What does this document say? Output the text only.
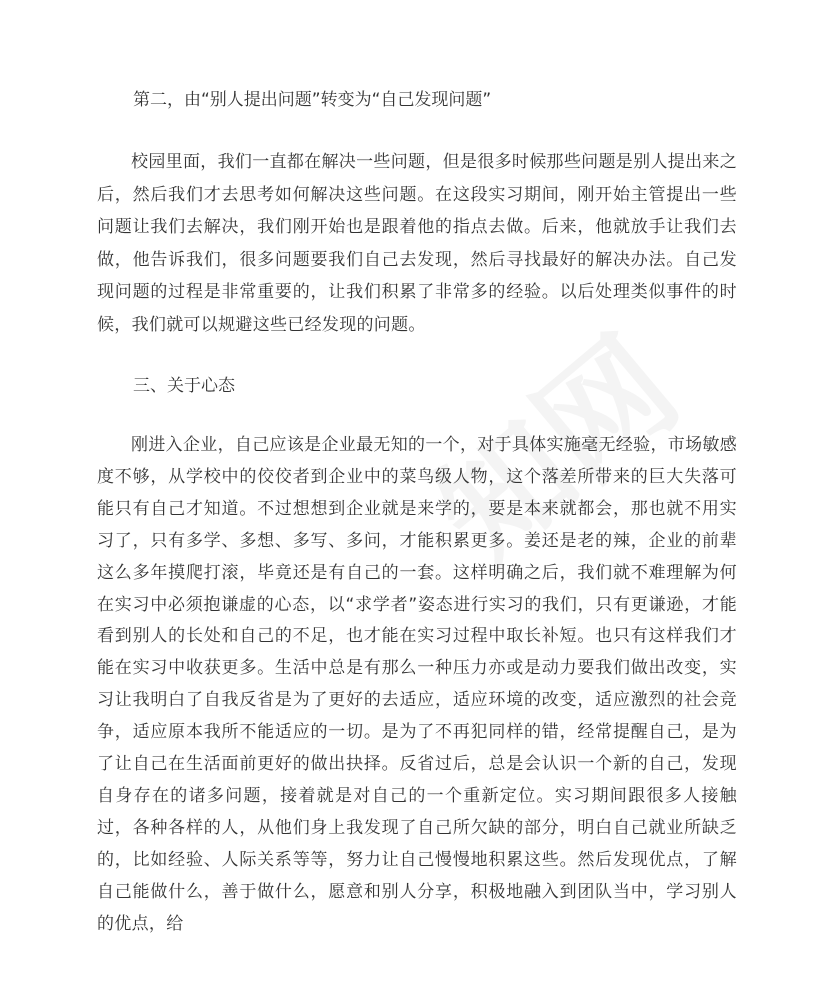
第二，由“别人提出问题”转变为“自己发现问题”

校园里面，我们一直都在解决一些问题，但是很多时候那些问题是别人提出来之后，然后我们才去思考如何解决这些问题。在这段实习期间，刚开始主管提出一些问题让我们去解决，我们刚开始也是跟着他的指点去做。后来，他就放手让我们去做，他告诉我们，很多问题要我们自己去发现，然后寻找最好的解决办法。自己发现问题的过程是非常重要的，让我们积累了非常多的经验。以后处理类似事件的时候，我们就可以规避这些已经发现的问题。

三、关于心态

刚进入企业，自己应该是企业最无知的一个，对于具体实施毫无经验，市场敏感度不够，从学校中的佼佼者到企业中的菜鸟级人物，这个落差所带来的巨大失落可能只有自己才知道。不过想想到企业就是来学的，要是本来就都会，那也就不用实习了，只有多学、多想、多写、多问，才能积累更多。姜还是老的辣，企业的前辈这么多年摸爬打滚，毕竟还是有自己的一套。这样明确之后，我们就不难理解为何在实习中必须抱谦虚的心态，以“求学者”姿态进行实习的我们，只有更谦逊，才能看到别人的长处和自己的不足，也才能在实习过程中取长补短。也只有这样我们才能在实习中收获更多。生活中总是有那么一种压力亦或是动力要我们做出改变，实习让我明白了自我反省是为了更好的去适应，适应环境的改变，适应激烈的社会竞争，适应原本我所不能适应的一切。是为了不再犯同样的错，经常提醒自己，是为了让自己在生活面前更好的做出抉择。反省过后，总是会认识一个新的自己，发现自身存在的诸多问题，接着就是对自己的一个重新定位。实习期间跟很多人接触过，各种各样的人，从他们身上我发现了自己所欠缺的部分，明白自己就业所缺乏的，比如经验、人际关系等等，努力让自己慢慢地积累这些。然后发现优点，了解自己能做什么，善于做什么，愿意和别人分享，积极地融入到团队当中，学习别人的优点，给
